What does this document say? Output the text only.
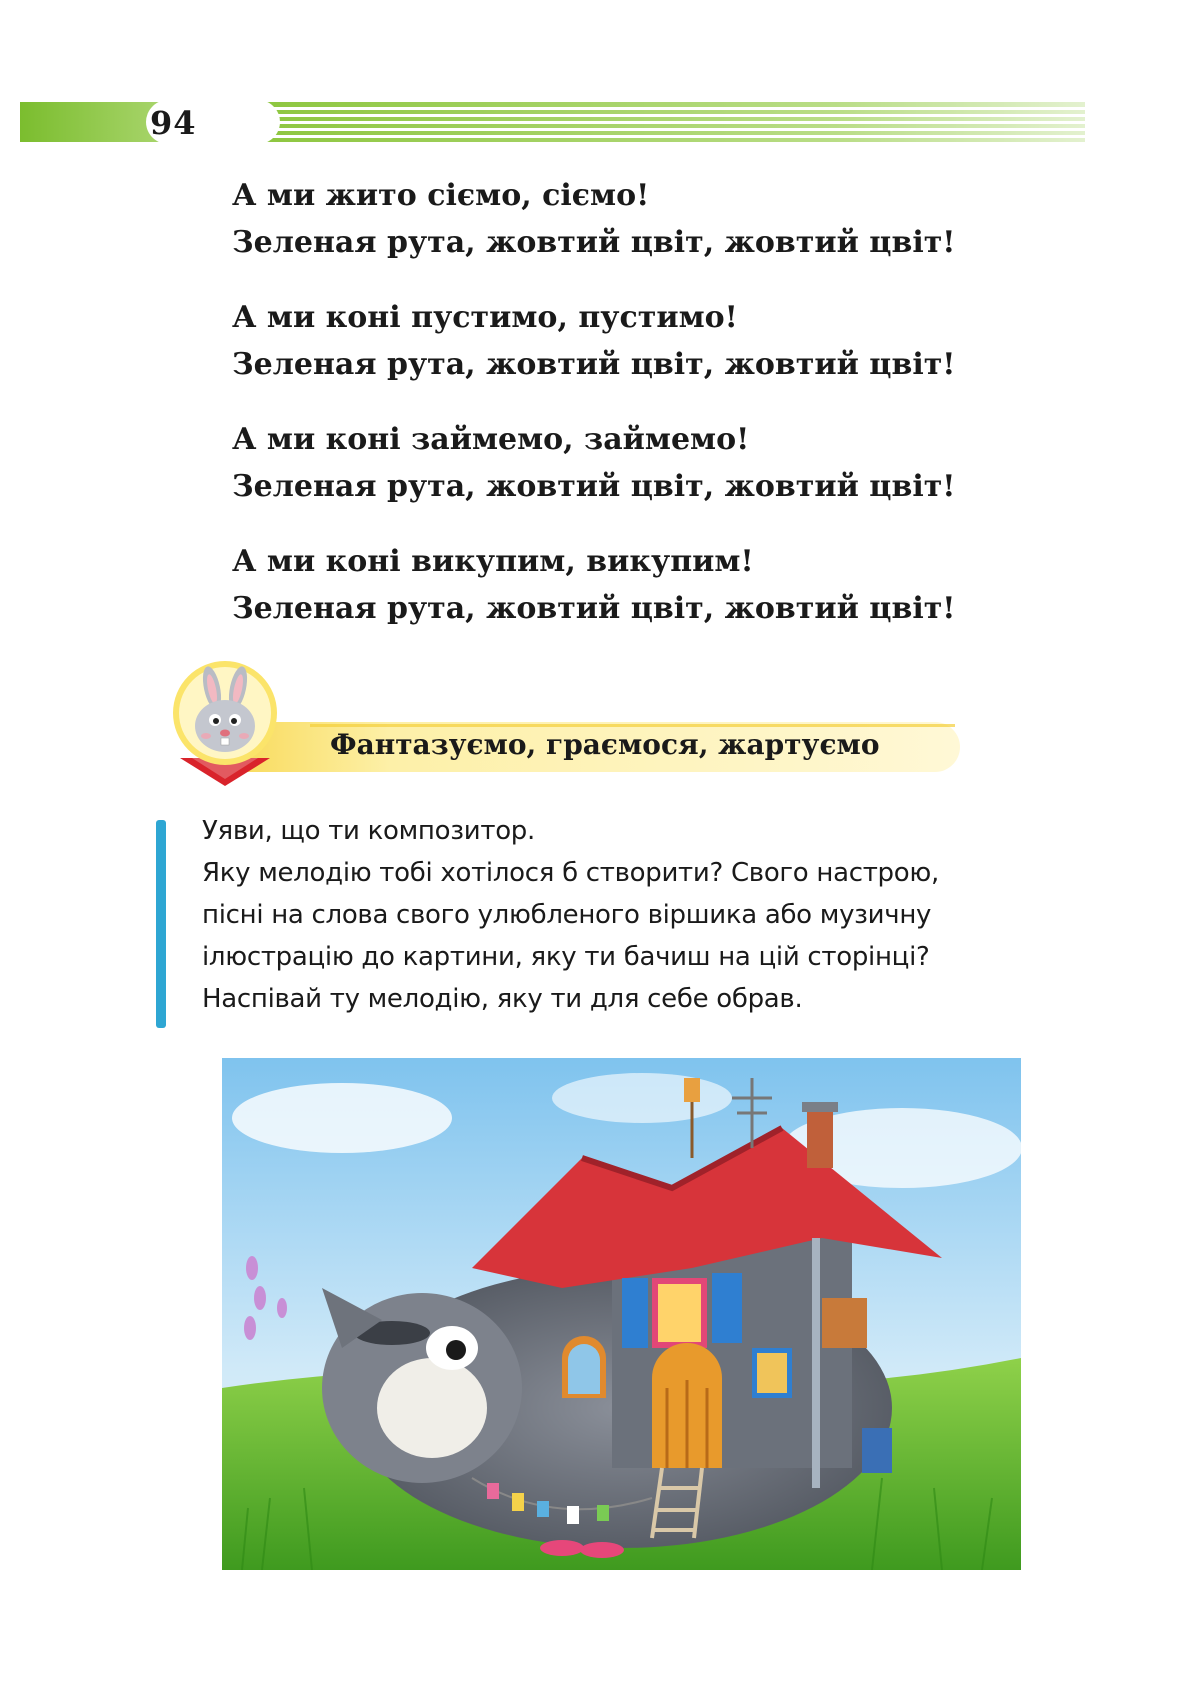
94

А ми жито сіємо, сіємо!

Зеленая рута, жовтий цвіт, жовтий цвіт!

А ми коні пустимо, пустимо!

Зеленая рута, жовтий цвіт, жовтий цвіт!

А ми коні займемо, займемо!

Зеленая рута, жовтий цвіт, жовтий цвіт!

А ми коні викупим, викупим!

Зеленая рута, жовтий цвіт, жовтий цвіт!

Фантазуємо, граємося, жартуємо

Уяви, що ти композитор.

Яку мелодію тобі хотілося б створити? Свого настрою,

пісні на слова свого улюбленого віршика або музичну

ілюстрацію до картини, яку ти бачиш на цій сторінці?

Наспівай ту мелодію, яку ти для себе обрав.
